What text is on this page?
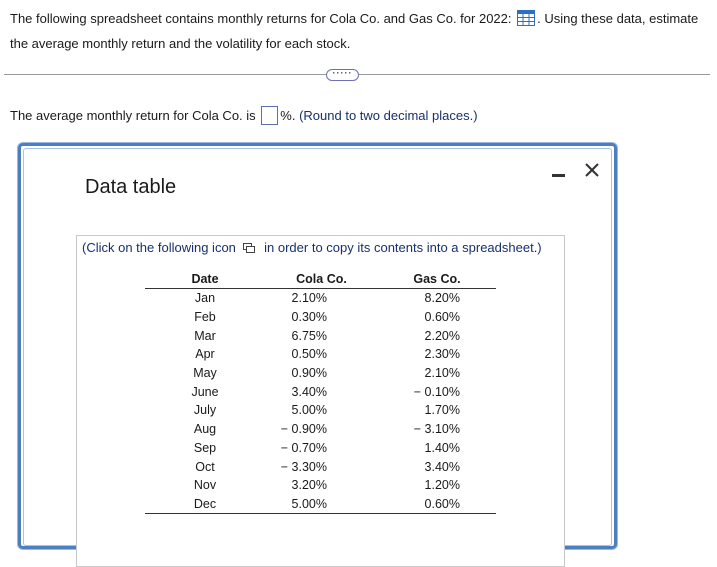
The following spreadsheet contains monthly returns for Cola Co. and Gas Co. for 2022: . Using these data, estimate the average monthly return and the volatility for each stock.
·····
The average monthly return for Cola Co. is %. (Round to two decimal places.)
Data table
(Click on the following icon  in order to copy its contents into a spreadsheet.)
Date	Cola Co.	Gas Co.
Jan	2.10%	8.20%
Feb	0.30%	0.60%
Mar	6.75%	2.20%
Apr	0.50%	2.30%
May	0.90%	2.10%
June	3.40%	− 0.10%
July	5.00%	1.70%
Aug	− 0.90%	− 3.10%
Sep	− 0.70%	1.40%
Oct	− 3.30%	3.40%
Nov	3.20%	1.20%
Dec	5.00%	0.60%
